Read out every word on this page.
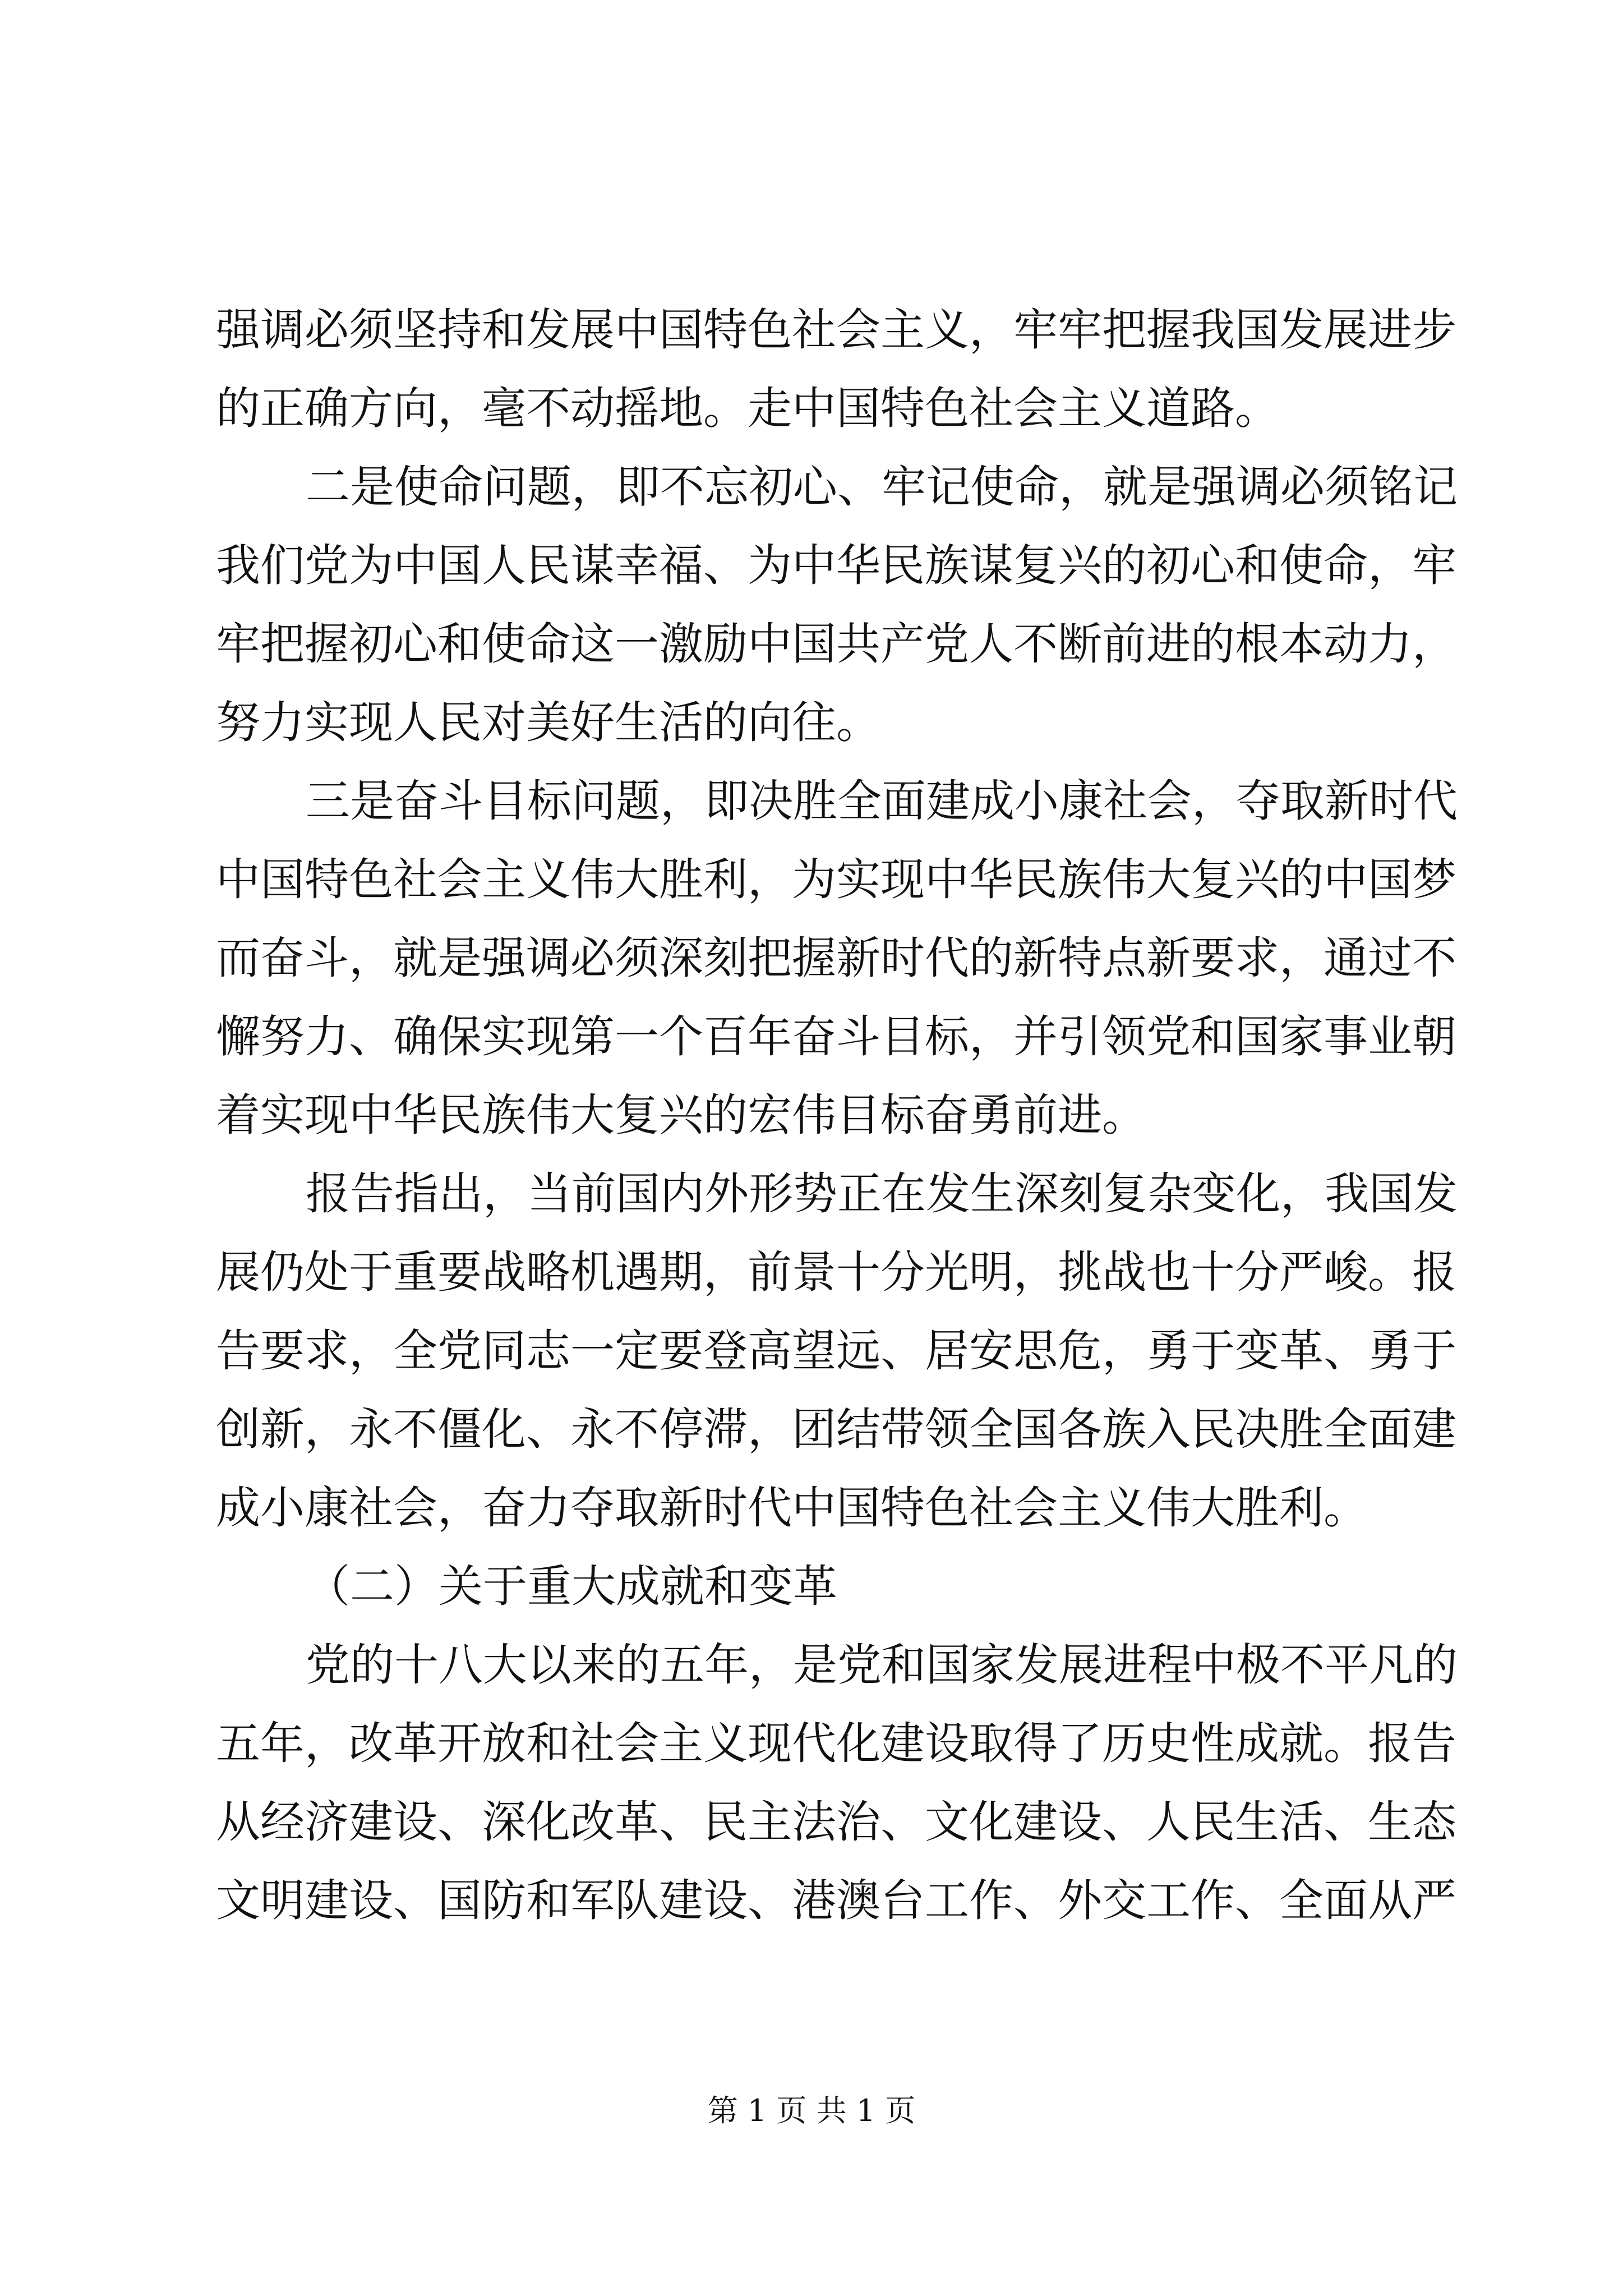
强调必须坚持和发展中国特色社会主义，牢牢把握我国发展进步
的正确方向，毫不动摇地。走中国特色社会主义道路。
二是使命问题，即不忘初心、牢记使命，就是强调必须铭记
我们党为中国人民谋幸福、为中华民族谋复兴的初心和使命，牢
牢把握初心和使命这一激励中国共产党人不断前进的根本动力，
努力实现人民对美好生活的向往。
三是奋斗目标问题，即决胜全面建成小康社会，夺取新时代
中国特色社会主义伟大胜利，为实现中华民族伟大复兴的中国梦
而奋斗，就是强调必须深刻把握新时代的新特点新要求，通过不
懈努力、确保实现第一个百年奋斗目标，并引领党和国家事业朝
着实现中华民族伟大复兴的宏伟目标奋勇前进。
报告指出，当前国内外形势正在发生深刻复杂变化，我国发
展仍处于重要战略机遇期，前景十分光明，挑战也十分严峻。报
告要求，全党同志一定要登高望远、居安思危，勇于变革、勇于
创新，永不僵化、永不停滞，团结带领全国各族入民决胜全面建
成小康社会，奋力夺取新时代中国特色社会主义伟大胜利。
（二）关于重大成就和变革
党的十八大以来的五年，是党和国家发展进程中极不平凡的
五年，改革开放和社会主义现代化建设取得了历史性成就。报告
从经济建设、深化改革、民主法治、文化建设、人民生活、生态
文明建设、国防和军队建设、港澳台工作、外交工作、全面从严
第 1 页 共 1 页
